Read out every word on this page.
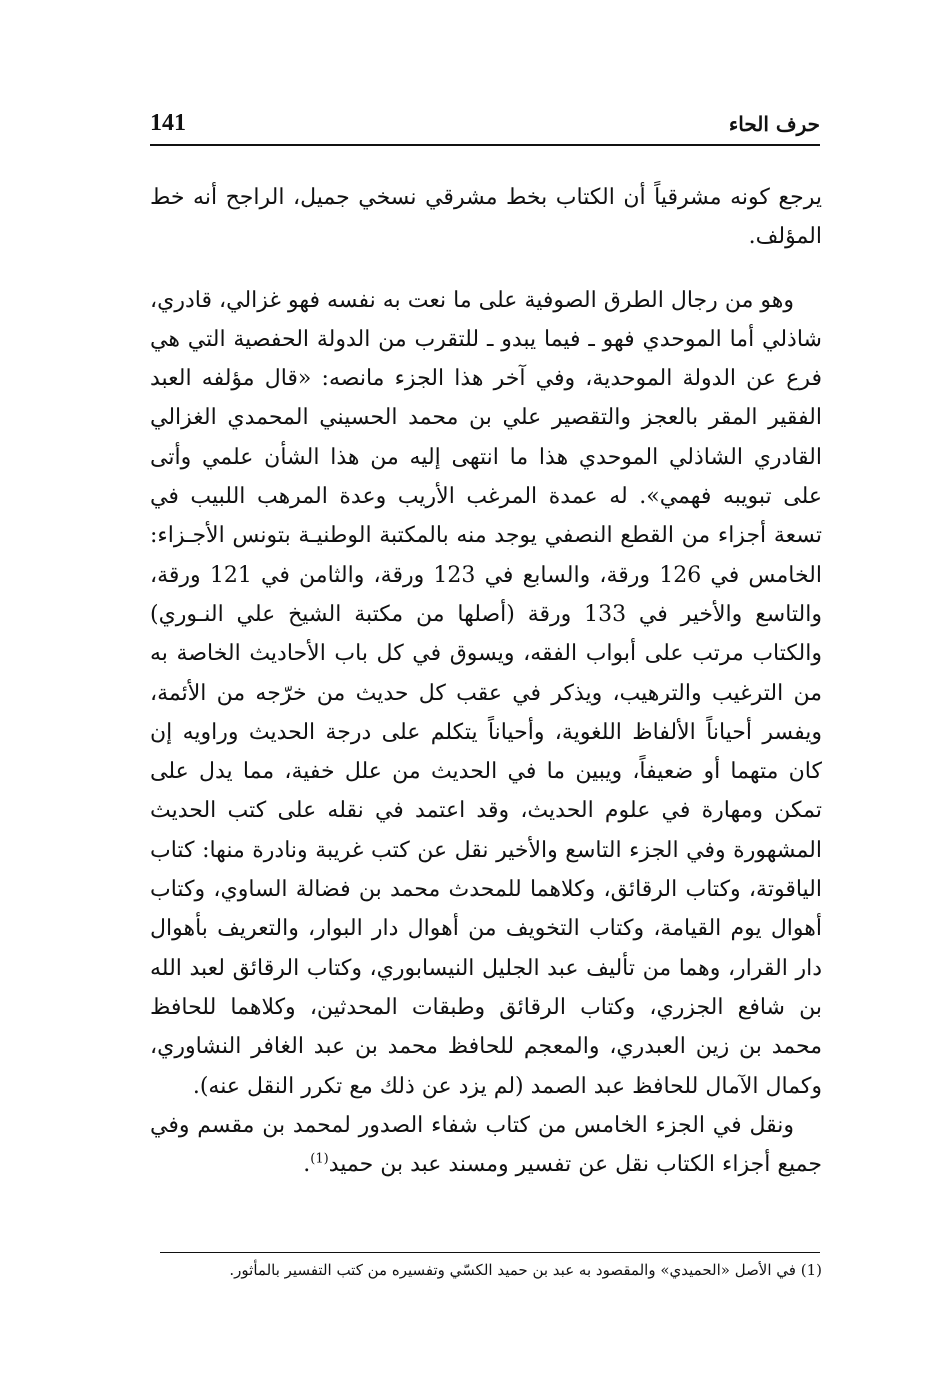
141	حرف الحاء

يرجع كونه مشرقياً أن الكتاب بخط مشرقي نسخي جميل، الراجح أنه خط المؤلف.

وهو من رجال الطرق الصوفية على ما نعت به نفسه فهو غزالي، قادري، شاذلي أما الموحدي فهو ـ فيما يبدو ـ للتقرب من الدولة الحفصية التي هي فرع عن الدولة الموحدية، وفي آخر هذا الجزء مانصه: «قال مؤلفه العبد الفقير المقر بالعجز والتقصير علي بن محمد الحسيني المحمدي الغزالي القادري الشاذلي الموحدي هذا ما انتهى إليه من هذا الشأن علمي وأتى على تبويبه فهمي». له عمدة المرغب الأريب وعدة المرهب اللبيب في تسعة أجزاء من القطع النصفي يوجد منه بالمكتبة الوطنيـة بتونس الأجـزاء: الخامس في 126 ورقة، والسابع في 123 ورقة، والثامن في 121 ورقة، والتاسع والأخير في 133 ورقة (أصلها من مكتبة الشيخ علي النـوري) والكتاب مرتب على أبواب الفقه، ويسوق في كل باب الأحاديث الخاصة به من الترغيب والترهيب، ويذكر في عقب كل حديث من خرّجه من الأئمة، ويفسر أحياناً الألفاظ اللغوية، وأحياناً يتكلم على درجة الحديث وراويه إن كان متهما أو ضعيفاً، ويبين ما في الحديث من علل خفية، مما يدل على تمكن ومهارة في علوم الحديث، وقد اعتمد في نقله على كتب الحديث المشهورة وفي الجزء التاسع والأخير نقل عن كتب غريبة ونادرة منها: كتاب الياقوتة، وكتاب الرقائق، وكلاهما للمحدث محمد بن فضالة الساوي، وكتاب أهوال يوم القيامة، وكتاب التخويف من أهوال دار البوار، والتعريف بأهوال دار القرار، وهما من تأليف عبد الجليل النيسابوري، وكتاب الرقائق لعبد الله بن شافع الجزري، وكتاب الرقائق وطبقات المحدثين، وكلاهما للحافظ محمد بن زين العبدري، والمعجم للحافظ محمد بن عبد الغافر النشاوري، وكمال الآمال للحافظ عبد الصمد (لم يزد عن ذلك مع تكرر النقل عنه).

ونقل في الجزء الخامس من كتاب شفاء الصدور لمحمد بن مقسم وفي جميع أجزاء الكتاب نقل عن تفسير ومسند عبد بن حميد$^{(1)}$.

(1) في الأصل «الحميدي» والمقصود به عبد بن حميد الكسّي وتفسيره من كتب التفسير بالمأثور.
